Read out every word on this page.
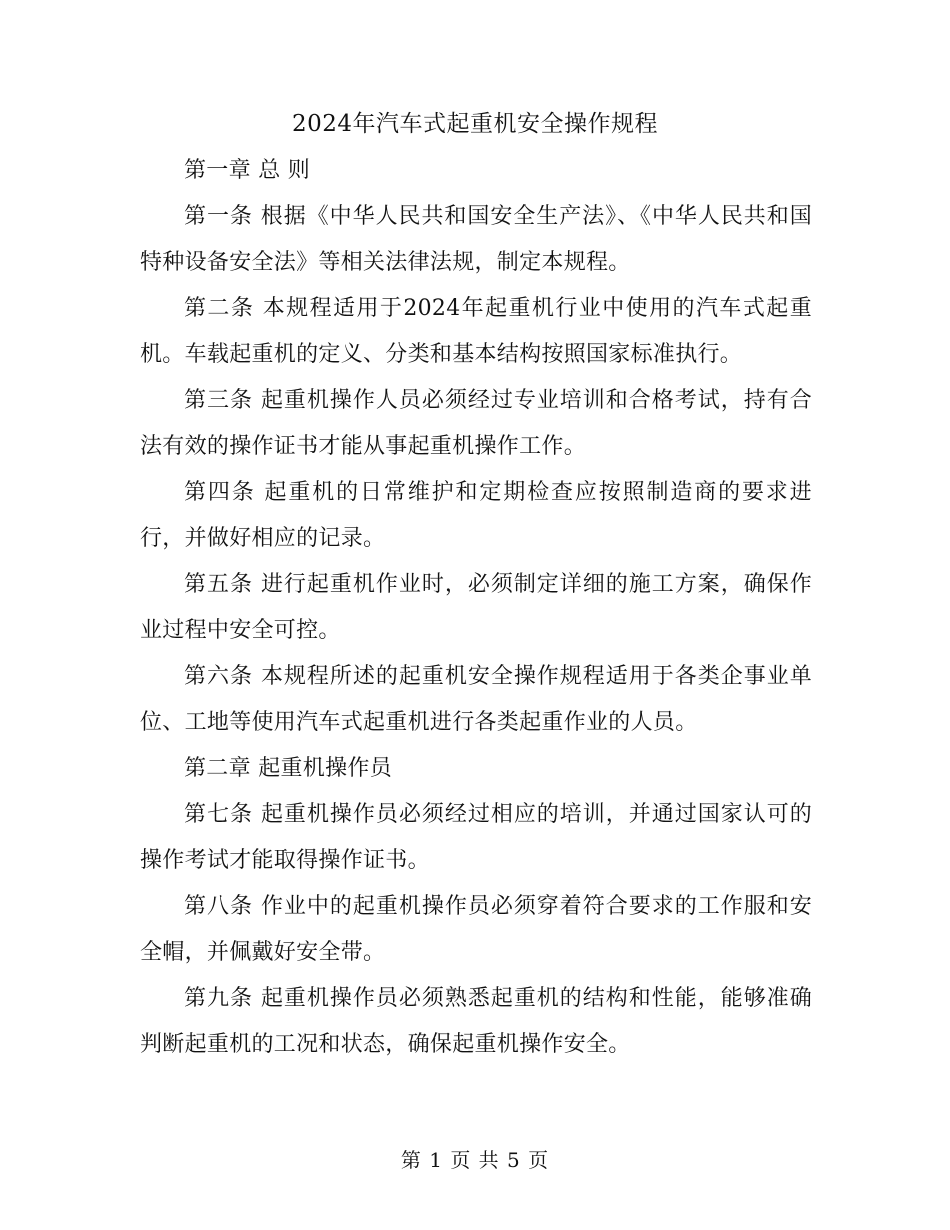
2024年汽车式起重机安全操作规程

第一章 总 则

第一条 根据《中华人民共和国安全生产法》、《中华人民共和国特种设备安全法》等相关法律法规，制定本规程。

第二条 本规程适用于2024年起重机行业中使用的汽车式起重机。车载起重机的定义、分类和基本结构按照国家标准执行。

第三条 起重机操作人员必须经过专业培训和合格考试，持有合法有效的操作证书才能从事起重机操作工作。

第四条 起重机的日常维护和定期检查应按照制造商的要求进行，并做好相应的记录。

第五条 进行起重机作业时，必须制定详细的施工方案，确保作业过程中安全可控。

第六条 本规程所述的起重机安全操作规程适用于各类企事业单位、工地等使用汽车式起重机进行各类起重作业的人员。

第二章 起重机操作员

第七条 起重机操作员必须经过相应的培训，并通过国家认可的操作考试才能取得操作证书。

第八条 作业中的起重机操作员必须穿着符合要求的工作服和安全帽，并佩戴好安全带。

第九条 起重机操作员必须熟悉起重机的结构和性能，能够准确判断起重机的工况和状态，确保起重机操作安全。

第 1 页 共 5 页
